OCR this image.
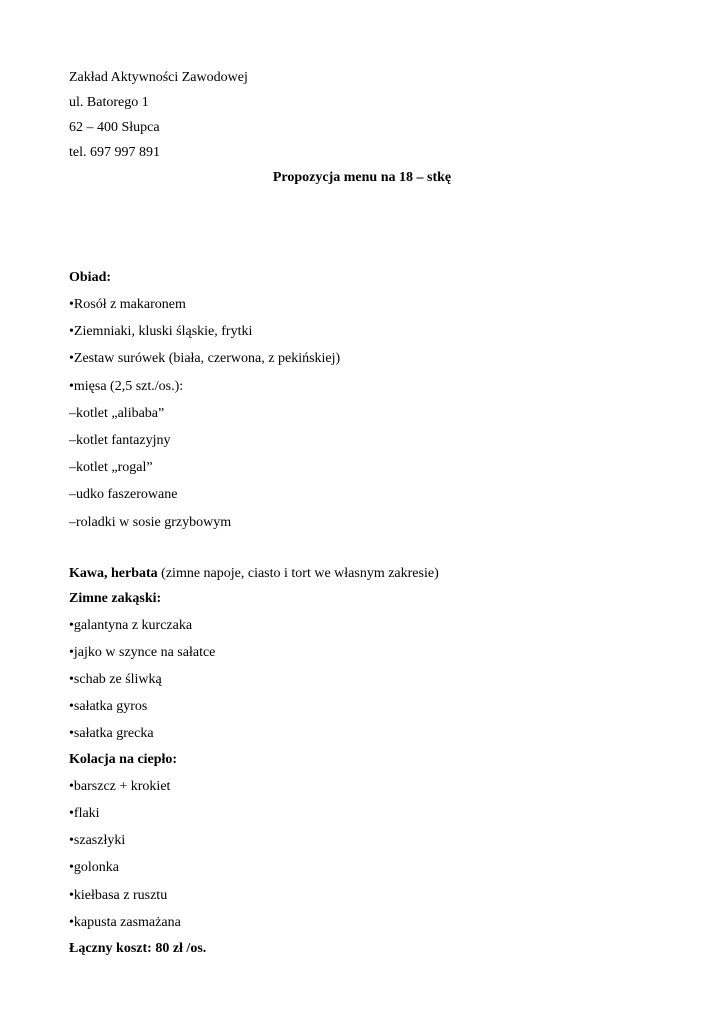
Zakład Aktywności Zawodowej
ul. Batorego 1
62 – 400 Słupca
tel. 697 997 891
Propozycja menu na 18 – stkę
Obiad:
•Rosół z makaronem
•Ziemniaki, kluski śląskie, frytki
•Zestaw surówek (biała, czerwona, z pekińskiej)
•mięsa (2,5 szt./os.):
–kotlet „alibaba”
–kotlet fantazyjny
–kotlet „rogal”
–udko faszerowane
–roladki w sosie grzybowym
Kawa, herbata (zimne napoje, ciasto i tort we własnym zakresie)
Zimne zakąski:
•galantyna z kurczaka
•jajko w szynce na sałatce
•schab ze śliwką
•sałatka gyros
•sałatka grecka
Kolacja na ciepło:
•barszcz + krokiet
•flaki
•szaszłyki
•golonka
•kiełbasa z rusztu
•kapusta zasmażana
Łączny koszt: 80 zł /os.
